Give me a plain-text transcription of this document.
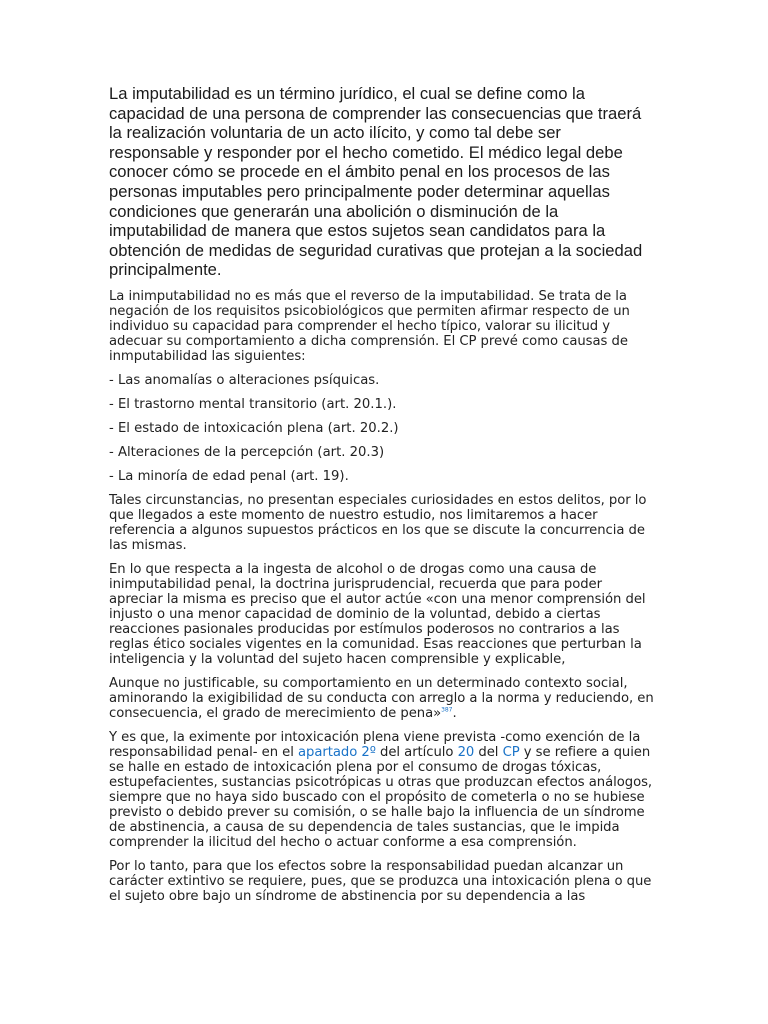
La imputabilidad es un término jurídico, el cual se define como la capacidad de una persona de comprender las consecuencias que traerá la realización voluntaria de un acto ilícito, y como tal debe ser responsable y responder por el hecho cometido. El médico legal debe conocer cómo se procede en el ámbito penal en los procesos de las personas imputables pero principalmente poder determinar aquellas condiciones que generarán una abolición o disminución de la imputabilidad de manera que estos sujetos sean candidatos para la obtención de medidas de seguridad curativas que protejan a la sociedad principalmente.

La inimputabilidad no es más que el reverso de la imputabilidad. Se trata de la negación de los requisitos psicobiológicos que permiten afirmar respecto de un individuo su capacidad para comprender el hecho típico, valorar su ilicitud y adecuar su comportamiento a dicha comprensión. El CP prevé como causas de inmputabilidad las siguientes:

- Las anomalías o alteraciones psíquicas.

- El trastorno mental transitorio (art. 20.1.).

- El estado de intoxicación plena (art. 20.2.)

- Alteraciones de la percepción (art. 20.3)

- La minoría de edad penal (art. 19).

Tales circunstancias, no presentan especiales curiosidades en estos delitos, por lo que llegados a este momento de nuestro estudio, nos limitaremos a hacer referencia a algunos supuestos prácticos en los que se discute la concurrencia de las mismas.

En lo que respecta a la ingesta de alcohol o de drogas como una causa de inimputabilidad penal, la doctrina jurisprudencial, recuerda que para poder apreciar la misma es preciso que el autor actúe «con una menor comprensión del injusto o una menor capacidad de dominio de la voluntad, debido a ciertas reacciones pasionales producidas por estímulos poderosos no contrarios a las reglas ético sociales vigentes en la comunidad. Esas reacciones que perturban la inteligencia y la voluntad del sujeto hacen comprensible y explicable,

Aunque no justificable, su comportamiento en un determinado contexto social, aminorando la exigibilidad de su conducta con arreglo a la norma y reduciendo, en consecuencia, el grado de merecimiento de pena»$^{387}$.

Y es que, la eximente por intoxicación plena viene prevista -como exención de la responsabilidad penal- en el apartado 2º del artículo 20 del CP y se refiere a quien se halle en estado de intoxicación plena por el consumo de drogas tóxicas, estupefacientes, sustancias psicotrópicas u otras que produzcan efectos análogos, siempre que no haya sido buscado con el propósito de cometerla o no se hubiese previsto o debido prever su comisión, o se halle bajo la influencia de un síndrome de abstinencia, a causa de su dependencia de tales sustancias, que le impida comprender la ilicitud del hecho o actuar conforme a esa comprensión.

Por lo tanto, para que los efectos sobre la responsabilidad puedan alcanzar un carácter extintivo se requiere, pues, que se produzca una intoxicación plena o que el sujeto obre bajo un síndrome de abstinencia por su dependencia a las
